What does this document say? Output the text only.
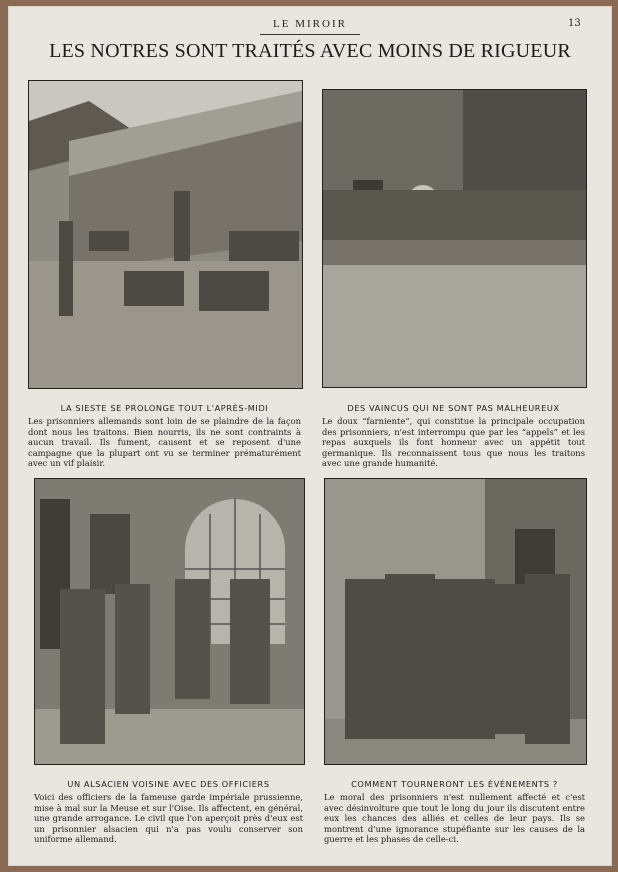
LE MIROIR	13
LES NOTRES SONT TRAITÉS AVEC MOINS DE RIGUEUR
LA SIESTE SE PROLONGE TOUT L'APRÈS-MIDI
Les prisonniers allemands sont loin de se plaindre de la façon dont nous les traitons. Bien nourris, ils ne sont contraints à aucun travail. Ils fument, causent et se reposent d'une campagne que la plupart ont vu se terminer prématurément avec un vif plaisir.
DES VAINCUS QUI NE SONT PAS MALHEUREUX
Le doux “farniente”, qui constitue la principale occupation des prisonniers, n'est interrompu que par les “appels” et les repas auxquels ils font honneur avec un appétit tout germanique. Ils reconnaissent tous que nous les traitons avec une grande humanité.
UN ALSACIEN VOISINE AVEC DES OFFICIERS
Voici des officiers de la fameuse garde impériale prussienne, mise à mal sur la Meuse et sur l'Oise. Ils affectent, en général, une grande arrogance. Le civil que l'on aperçoit près d'eux est un prisonnier alsacien qui n'a pas voulu conserver son uniforme allemand.
COMMENT TOURNERONT LES ÉVÉNEMENTS ?
Le moral des prisonniers n'est nullement affecté et c'est avec désinvolture que tout le long du jour ils discutent entre eux les chances des alliés et celles de leur pays. Ils se montrent d'une ignorance stupéfiante sur les causes de la guerre et les phases de celle-ci.
